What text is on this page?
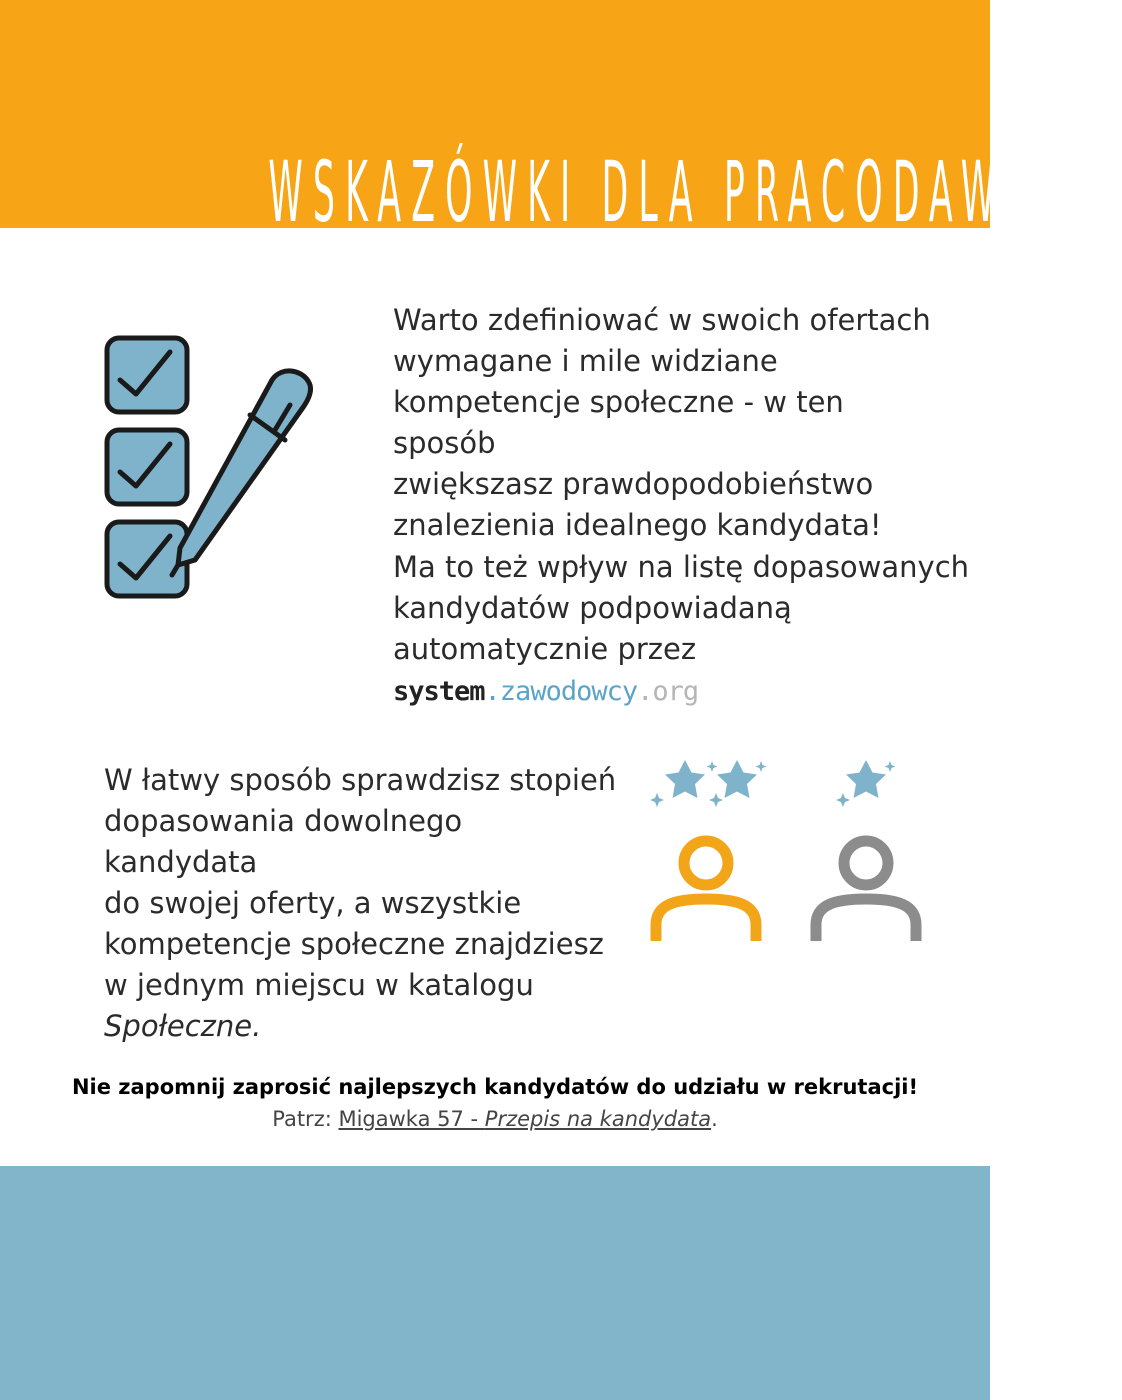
WSKAZÓWKI DLA PRACODAWCÓW

Warto zdefiniować w swoich ofertach
wymagane i mile widziane
kompetencje społeczne - w ten sposób
zwiększasz prawdopodobieństwo
znalezienia idealnego kandydata!

Ma to też wpływ na listę dopasowanych
kandydatów podpowiadaną
automatycznie przez system.zawodowcy.org

W łatwy sposób sprawdzisz stopień
dopasowania dowolnego kandydata
do swojej oferty, a wszystkie
kompetencje społeczne znajdziesz
w jednym miejscu w katalogu
Społeczne.

Nie zapomnij zaprosić najlepszych kandydatów do udziału w rekrutacji!

Patrz: Migawka 57 - Przepis na kandydata.
